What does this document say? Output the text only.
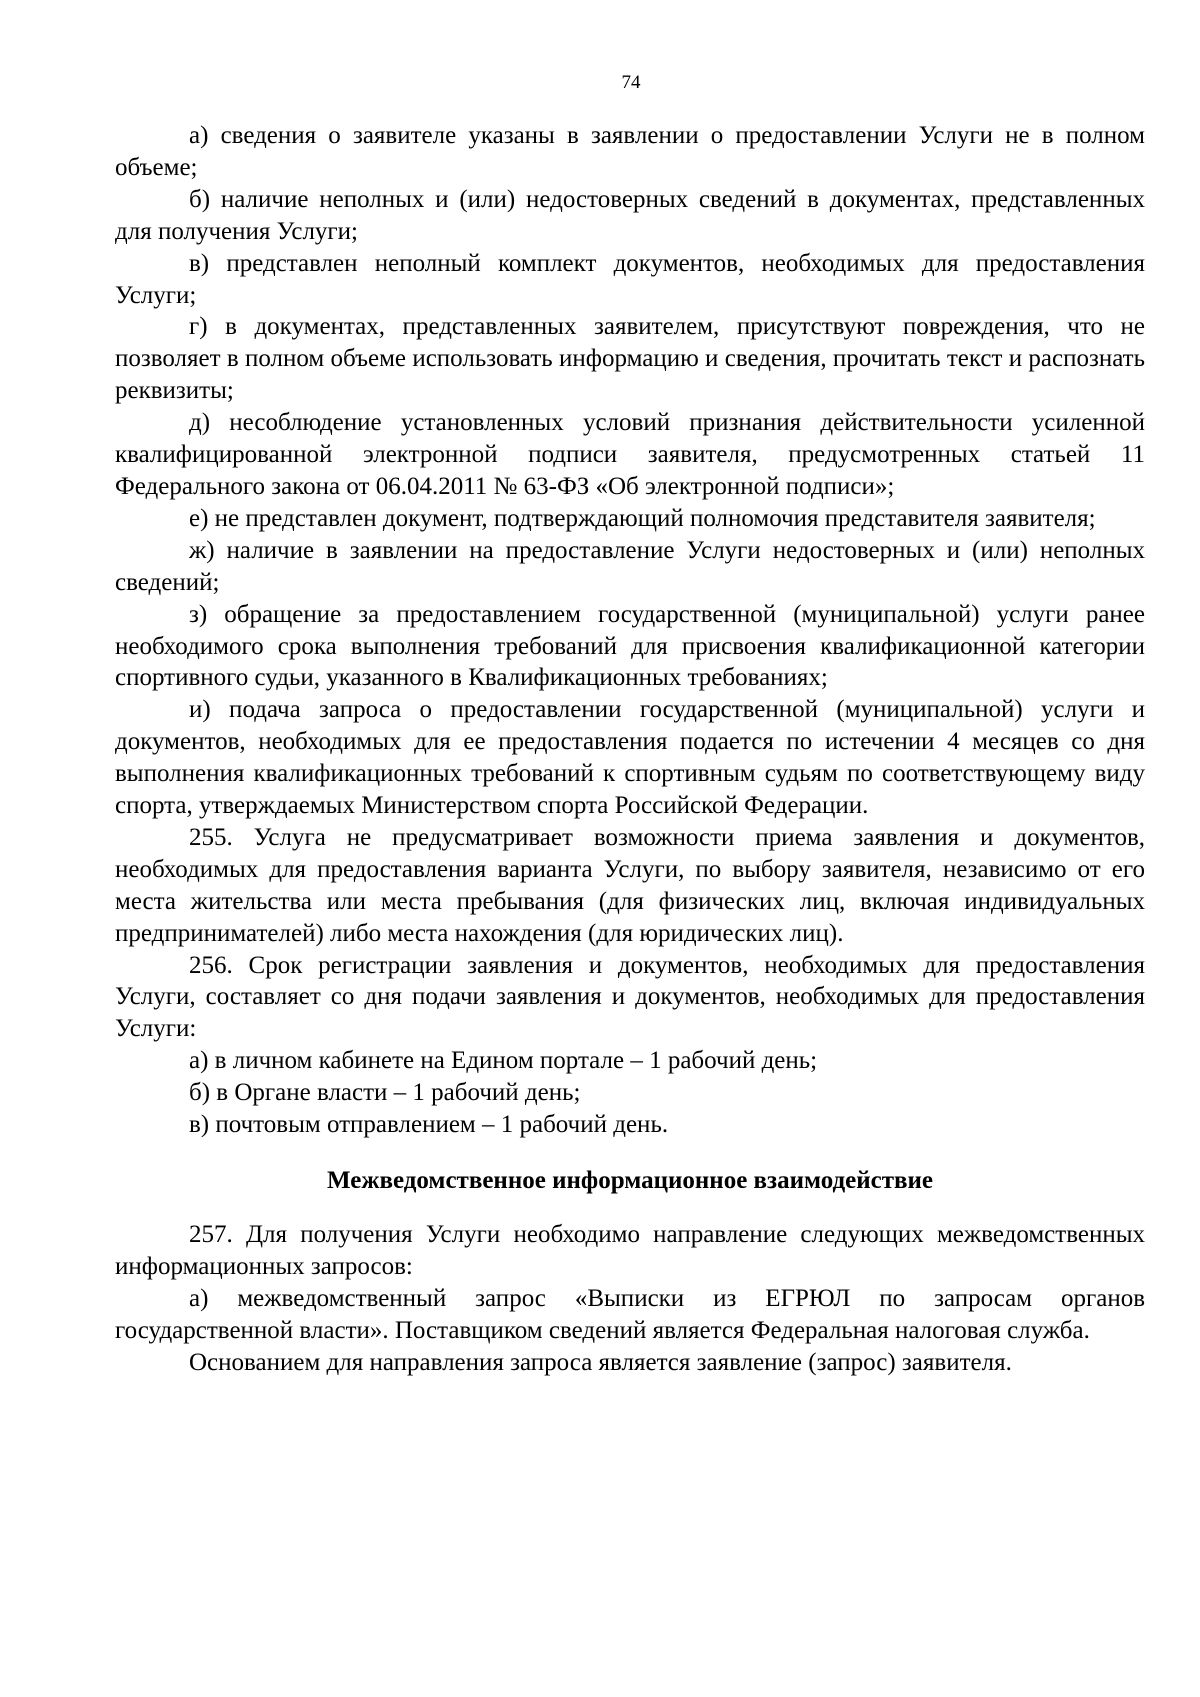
74

а) сведения о заявителе указаны в заявлении о предоставлении Услуги не в полном объеме;

б) наличие неполных и (или) недостоверных сведений в документах, представленных для получения Услуги;

в) представлен неполный комплект документов, необходимых для предоставления Услуги;

г) в документах, представленных заявителем, присутствуют повреждения, что не позволяет в полном объеме использовать информацию и сведения, прочитать текст и распознать реквизиты;

д) несоблюдение установленных условий признания действительности усиленной квалифицированной электронной подписи заявителя, предусмотренных статьей 11 Федерального закона от 06.04.2011 № 63-ФЗ «Об электронной подписи»;

е) не представлен документ, подтверждающий полномочия представителя заявителя;

ж) наличие в заявлении на предоставление Услуги недостоверных и (или) неполных сведений;

з) обращение за предоставлением государственной (муниципальной) услуги ранее необходимого срока выполнения требований для присвоения квалификационной категории спортивного судьи, указанного в Квалификационных требованиях;

и) подача запроса о предоставлении государственной (муниципальной) услуги и документов, необходимых для ее предоставления подается по истечении 4 месяцев со дня выполнения квалификационных требований к спортивным судьям по соответствующему виду спорта, утверждаемых Министерством спорта Российской Федерации.

255. Услуга не предусматривает возможности приема заявления и документов, необходимых для предоставления варианта Услуги, по выбору заявителя, независимо от его места жительства или места пребывания (для физических лиц, включая индивидуальных предпринимателей) либо места нахождения (для юридических лиц).

256. Срок регистрации заявления и документов, необходимых для предоставления Услуги, составляет со дня подачи заявления и документов, необходимых для предоставления Услуги:

а) в личном кабинете на Едином портале – 1 рабочий день;

б) в Органе власти – 1 рабочий день;

в) почтовым отправлением – 1 рабочий день.

Межведомственное информационное взаимодействие

257. Для получения Услуги необходимо направление следующих межведомственных информационных запросов:

а) межведомственный запрос «Выписки из ЕГРЮЛ по запросам органов государственной власти». Поставщиком сведений является Федеральная налоговая служба.

Основанием для направления запроса является заявление (запрос) заявителя.
